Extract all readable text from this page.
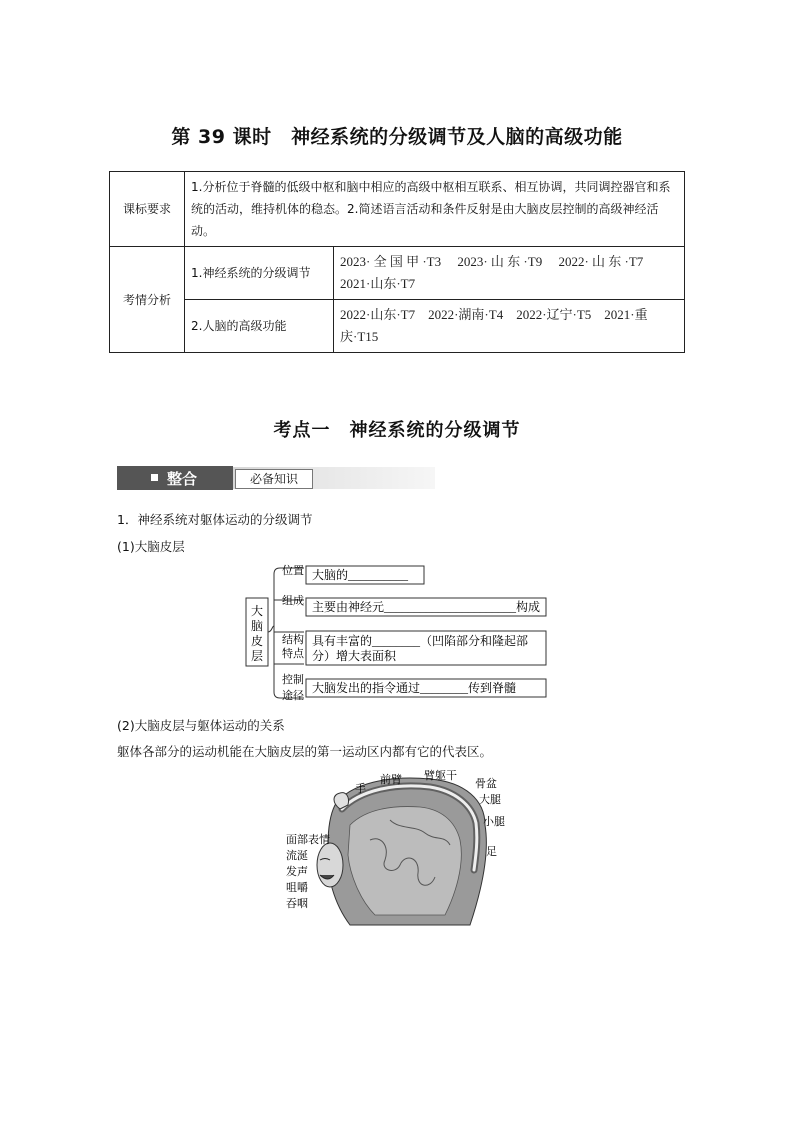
第 39 课时　神经系统的分级调节及人脑的高级功能
课标要求	1.分析位于脊髓的低级中枢和脑中相应的高级中枢相互联系、相互协调，共同调控器官和系统的活动，维持机体的稳态。2.简述语言活动和条件反射是由大脑皮层控制的高级神经活动。	
考情分析	1.神经系统的分级调节	2023· 全 国 甲 ·T3　 2023· 山 东 ·T9　 2022· 山 东 ·T7
2021·山东·T7

	2.人脑的高级功能	2022·山东·T7　2022·湖南·T4　2022·辽宁·T5　2021·重
庆·T15
考点一　神经系统的分级调节
整合	必备知识
1．神经系统对躯体运动的分级调节
(1)大脑皮层
大
脑
皮
层
位置
组成
结构
特点
控制
途径
大脑的__________
主要由神经元______________________构成
具有丰富的________（凹陷部分和隆起部
分）增大表面积
大脑发出的指令通过________传到脊髓
(2)大脑皮层与躯体运动的关系
躯体各部分的运动机能在大脑皮层的第一运动区内都有它的代表区。
面部表情
流涎
发声
咀嚼
吞咽
手
前臂 臂躯干
骨盆
大腿
小腿
足
